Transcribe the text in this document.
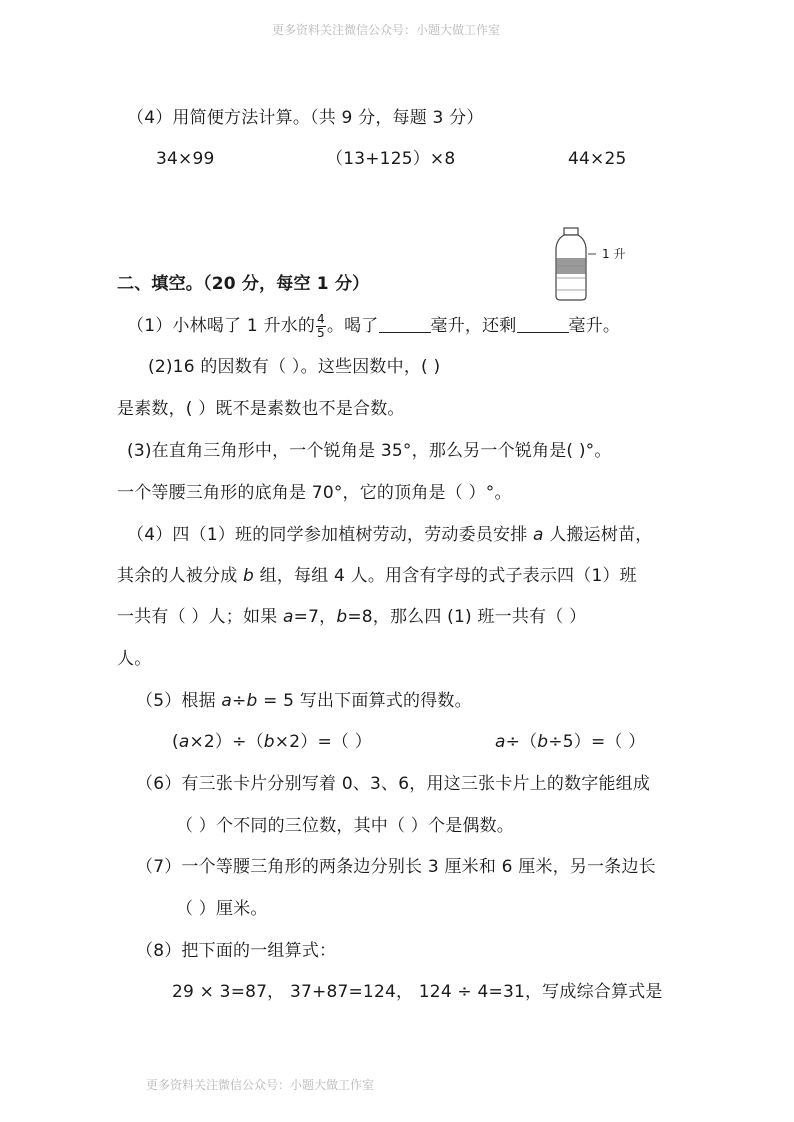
更多资料关注微信公众号：小题大做工作室
更多资料关注微信公众号：小题大做工作室
（4）用简便方法计算。（共 9 分，每题 3 分）
34×99	（13+125）×8	44×25
1 升
二、填空。（20 分，每空 1 分）
（1）小林喝了 1 升水的 $\frac{4}{5}$ 。喝了	毫升，还剩	毫升。
(2)16 的因数有（ ）。这些因数中，( )
是素数，( ）既不是素数也不是合数。
(3)在直角三角形中，一个锐角是 35°，那么另一个锐角是( )°。
一个等腰三角形的底角是 70°，它的顶角是（ ）°。
（4）四（1）班的同学参加植树劳动，劳动委员安排 a 人搬运树苗，
其余的人被分成 b 组，每组 4 人。用含有字母的式子表示四（1）班
一共有（ ）人；如果 a=7，b=8，那么四 (1) 班一共有（ ）
人。
（5）根据 a÷b = 5 写出下面算式的得数。
(a×2）÷（b×2）=（ ）	a÷（b÷5）=（ ）
（6）有三张卡片分别写着 0、3、6，用这三张卡片上的数字能组成
（ ）个不同的三位数，其中（ ）个是偶数。
（7）一个等腰三角形的两条边分别长 3 厘米和 6 厘米，另一条边长
（ ）厘米。
（8）把下面的一组算式：
29 × 3=87， 37+87=124， 124 ÷ 4=31，写成综合算式是
